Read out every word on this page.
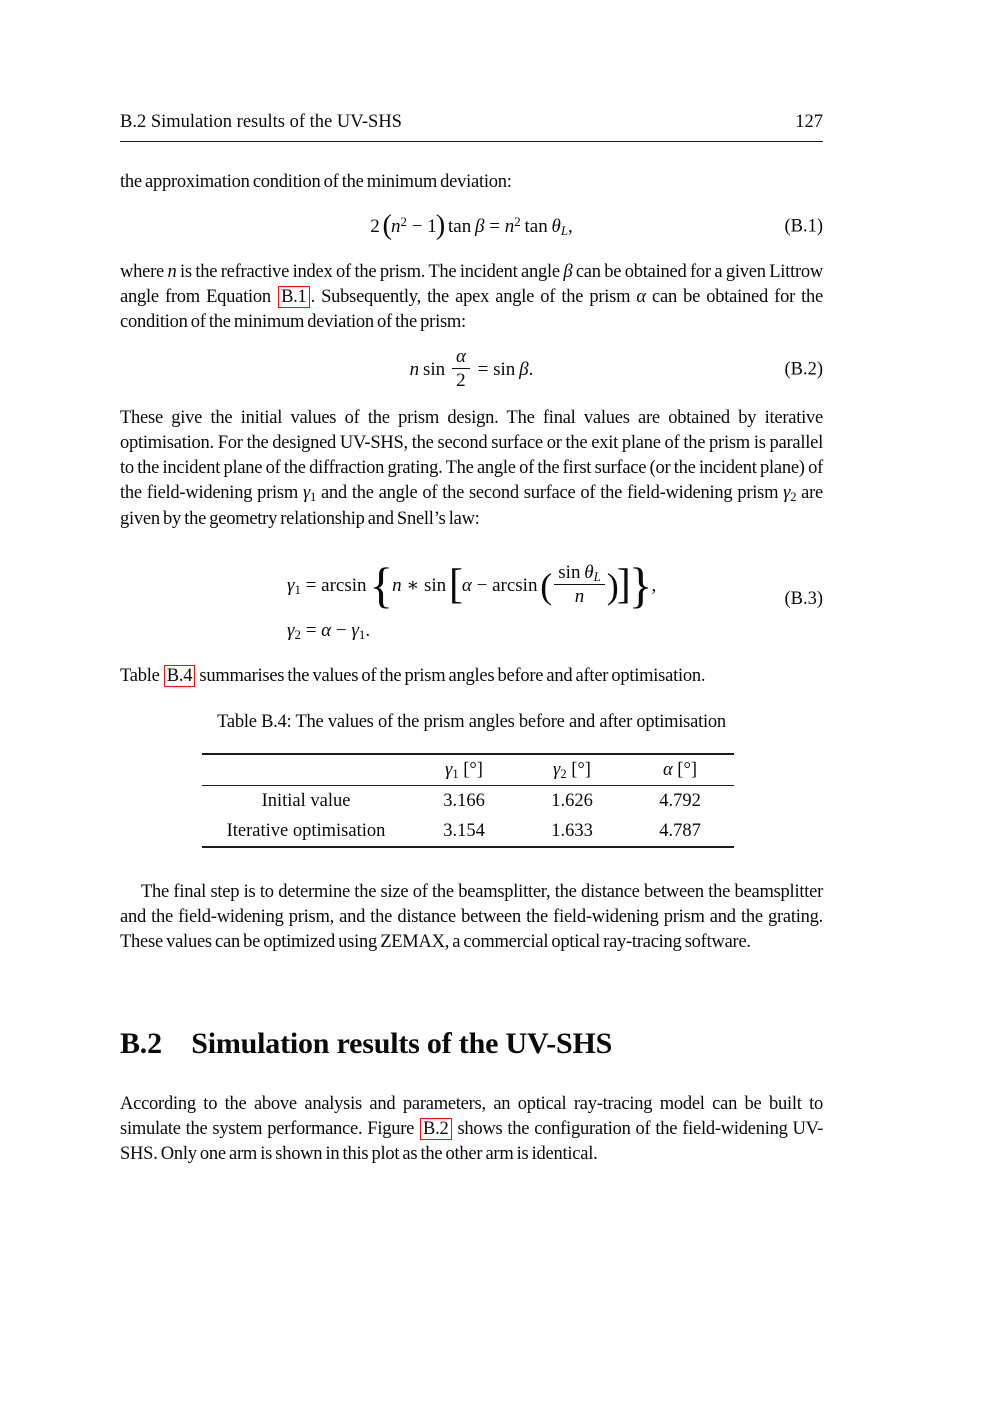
B.2 Simulation results of the UV-SHS	127
the approximation condition of the minimum deviation:
2 $(n^2 - 1)$ $\tan \beta = n^2$ tan θL,	(B.1)
where n is the refractive index of the prism. The incident angle β can be obtained for a given Littrow angle from Equation B.1 . Subsequently, the apex angle of the prism α can be obtained for the condition of the minimum deviation of the prism:
n $\sin \frac{\alpha}{2} = \sin \beta$.	(B.2)
These give the initial values of the prism design. The final values are obtained by iterative optimisation. For the designed UV-SHS, the second surface or the exit plane of the prism is parallel to the incident plane of the diffraction grating. The angle of the first surface (or the incident plane) of the field-widening prism γ1 and the angle of the second surface of the field-widening prism γ2 are given by the geometry relationship and Snell’s law:
γ1 = arcsin {n ∗ sin [α − arcsin ( $\frac{\text{sin θL}}{n}$ )]},
γ2 = α − γ1.
(B.3)
Table B.4 summarises the values of the prism angles before and after optimisation.
Table B.4: The values of the prism angles before and after optimisation
	γ1 [°]	γ2 [°]	α [°]
Initial value	3.166	1.626	4.792
Iterative optimisation	3.154	1.633	4.787
The final step is to determine the size of the beamsplitter, the distance between the beamsplitter and the field-widening prism, and the distance between the field-widening prism and the grating. These values can be optimized using ZEMAX, a commercial optical ray-tracing software.
B.2 Simulation results of the UV-SHS
According to the above analysis and parameters, an optical ray-tracing model can be built to simulate the system performance. Figure B.2 shows the configuration of the field-widening UV-SHS. Only one arm is shown in this plot as the other arm is identical.
